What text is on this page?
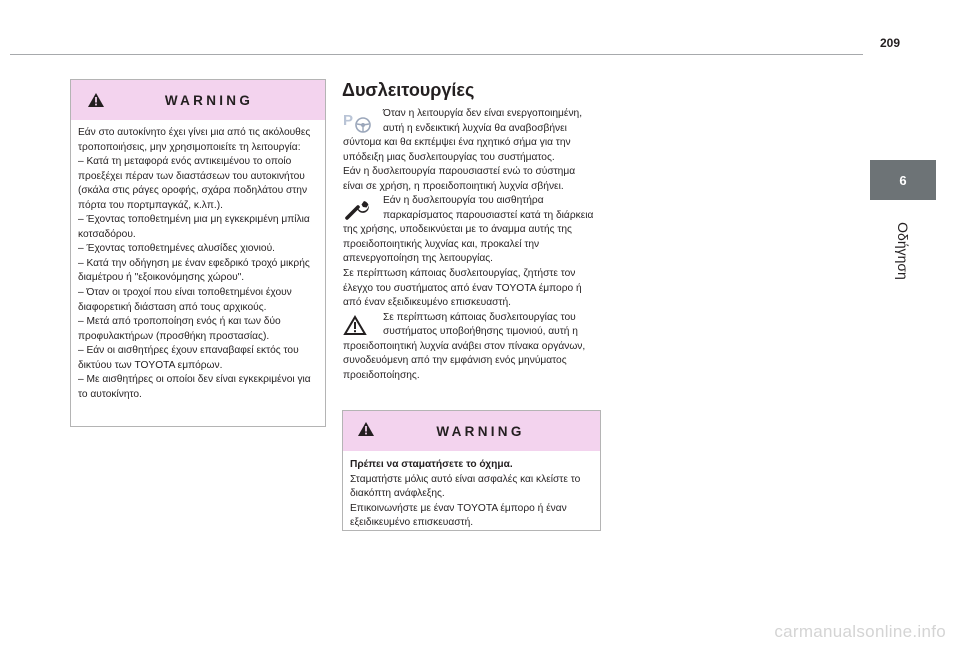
209
6
Οδήγηση
WARNING

Εάν στο αυτοκίνητο έχει γίνει μια από τις ακόλουθες

τροποποιήσεις, μην χρησιμοποιείτε τη λειτουργία:

– Κατά τη μεταφορά ενός αντικειμένου το οποίο

προεξέχει πέραν των διαστάσεων του αυτοκινήτου

(σκάλα στις ράγες οροφής, σχάρα ποδηλάτου στην

πόρτα του πορτμπαγκάζ, κ.λπ.).

– Έχοντας τοποθετημένη μια μη εγκεκριμένη μπίλια

κοτσαδόρου.

– Έχοντας τοποθετημένες αλυσίδες χιονιού.

– Κατά την οδήγηση με έναν εφεδρικό τροχό μικρής

διαμέτρου ή "εξοικονόμησης χώρου".

– Όταν οι τροχοί που είναι τοποθετημένοι έχουν

διαφορετική διάσταση από τους αρχικούς.

– Μετά από τροποποίηση ενός ή και των δύο

προφυλακτήρων (προσθήκη προστασίας).

– Εάν οι αισθητήρες έχουν επαναβαφεί εκτός του

δικτύου των TOYOTA εμπόρων.

– Με αισθητήρες οι οποίοι δεν είναι εγκεκριμένοι για

το αυτοκίνητο.

Δυσλειτουργίες
P	Όταν η λειτουργία δεν είναι ενεργοποιημένη,

αυτή η ενδεικτική λυχνία θα αναβοσβήνει

σύντομα και θα εκπέμψει ένα ηχητικό σήμα για την

υπόδειξη μιας δυσλειτουργίας του συστήματος.

Εάν η δυσλειτουργία παρουσιαστεί ενώ το σύστημα

είναι σε χρήση, η προειδοποιητική λυχνία σβήνει.

Εάν η δυσλειτουργία του αισθητήρα

παρκαρίσματος παρουσιαστεί κατά τη διάρκεια

της χρήσης, υποδεικνύεται με το άναμμα αυτής της

προειδοποιητικής λυχνίας και, προκαλεί την

απενεργοποίηση της λειτουργίας.

Σε περίπτωση κάποιας δυσλειτουργίας, ζητήστε τον

έλεγχο του συστήματος από έναν TOYOTA έμπορο ή

από έναν εξειδικευμένο επισκευαστή.

Σε περίπτωση κάποιας δυσλειτουργίας του

συστήματος υποβοήθησης τιμονιού, αυτή η

προειδοποιητική λυχνία ανάβει στον πίνακα οργάνων,

συνοδευόμενη από την εμφάνιση ενός μηνύματος

προειδοποίησης.

WARNING

Πρέπει να σταματήσετε το όχημα.

Σταματήστε μόλις αυτό είναι ασφαλές και κλείστε το

διακόπτη ανάφλεξης.

Επικοινωνήστε με έναν TOYOTA έμπορο ή έναν

εξειδικευμένο επισκευαστή.

carmanualsonline.info
